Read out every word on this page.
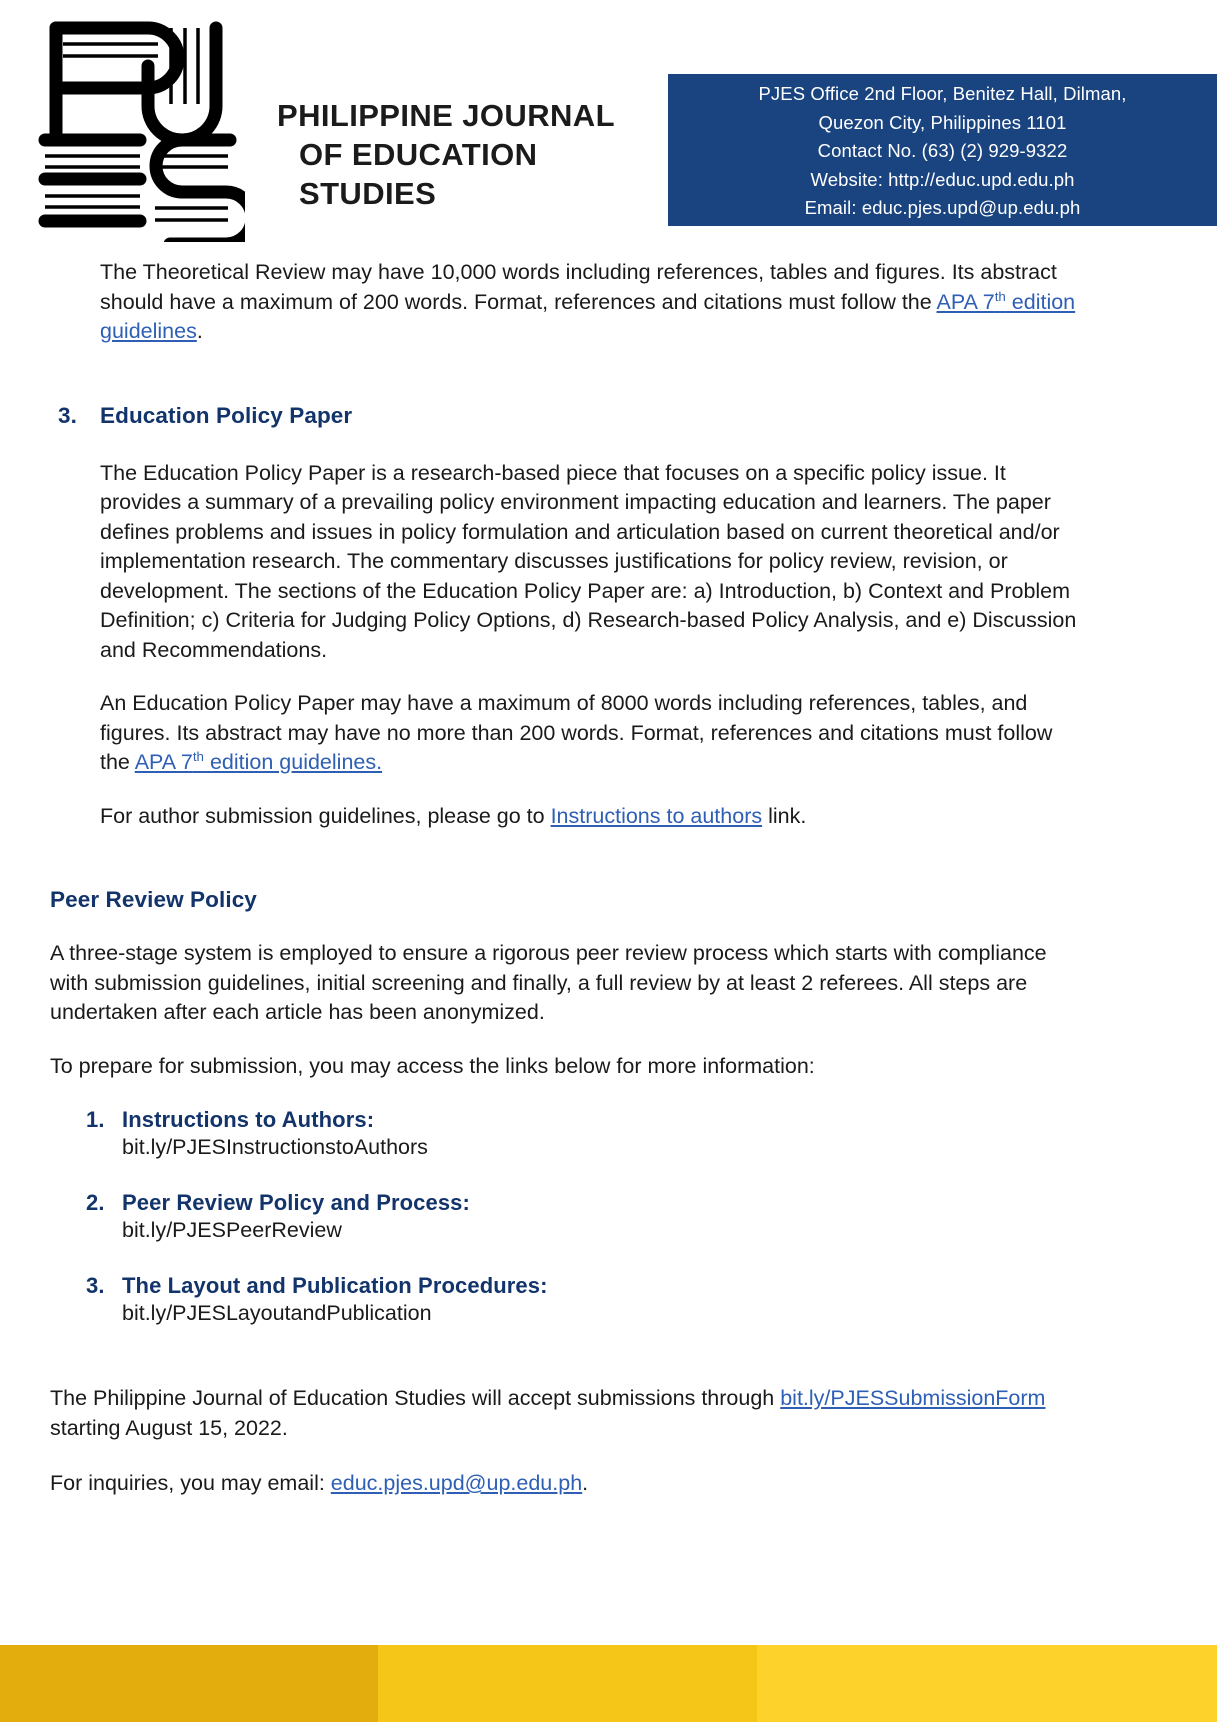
PHILIPPINE JOURNAL
OF EDUCATION STUDIES
PJES Office 2nd Floor, Benitez Hall, Dilman,
Quezon City, Philippines 1101
Contact No. (63) (2) 929-9322
Website: http://educ.upd.edu.ph
Email: educ.pjes.upd@up.edu.ph

The Theoretical Review may have 10,000 words including references, tables and figures. Its abstract should have a maximum of 200 words. Format, references and citations must follow the APA 7th edition guidelines.

3. Education Policy Paper

The Education Policy Paper is a research-based piece that focuses on a specific policy issue. It provides a summary of a prevailing policy environment impacting education and learners. The paper defines problems and issues in policy formulation and articulation based on current theoretical and/or implementation research. The commentary discusses justifications for policy review, revision, or development. The sections of the Education Policy Paper are: a) Introduction, b) Context and Problem Definition; c) Criteria for Judging Policy Options, d) Research-based Policy Analysis, and e) Discussion and Recommendations.

An Education Policy Paper may have a maximum of 8000 words including references, tables, and figures. Its abstract may have no more than 200 words. Format, references and citations must follow the APA 7th edition guidelines.

For author submission guidelines, please go to Instructions to authors link.

Peer Review Policy

A three-stage system is employed to ensure a rigorous peer review process which starts with compliance with submission guidelines, initial screening and finally, a full review by at least 2 referees. All steps are undertaken after each article has been anonymized.

To prepare for submission, you may access the links below for more information:

1. Instructions to Authors:
bit.ly/PJESInstructionstoAuthors
2. Peer Review Policy and Process:
bit.ly/PJESPeerReview
3. The Layout and Publication Procedures:
bit.ly/PJESLayoutandPublication

The Philippine Journal of Education Studies will accept submissions through bit.ly/PJESSubmissionForm starting August 15, 2022.

For inquiries, you may email: educ.pjes.upd@up.edu.ph.
